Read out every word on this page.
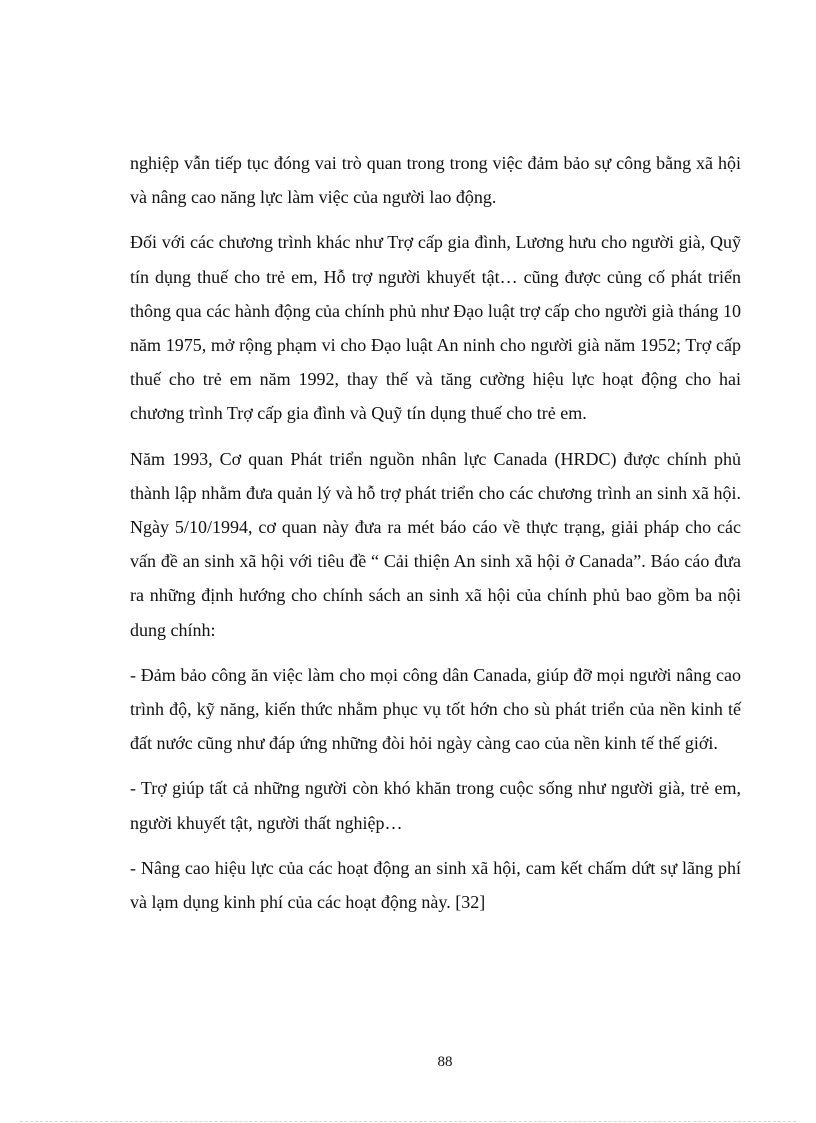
nghiệp vẫn tiếp tục đóng vai trò quan trong trong việc đảm bảo sự công bằng xã hội và nâng cao năng lực làm việc của người lao động.

Đối với các chương trình khác như Trợ cấp gia đình, Lương hưu cho người già, Quỹ tín dụng thuế cho trẻ em, Hỗ trợ người khuyết tật… cũng được củng cố phát triển thông qua các hành động của chính phủ như Đạo luật trợ cấp cho người già tháng 10 năm 1975, mở rộng phạm vi cho Đạo luật An ninh cho người già năm 1952; Trợ cấp thuế cho trẻ em năm 1992, thay thế và tăng cường hiệu lực hoạt động cho hai chương trình Trợ cấp gia đình và Quỹ tín dụng thuế cho trẻ em.

Năm 1993, Cơ quan Phát triển nguồn nhân lực Canada (HRDC) được chính phủ thành lập nhằm đưa quản lý và hỗ trợ phát triển cho các chương trình an sinh xã hội. Ngày 5/10/1994, cơ quan này đưa ra mét báo cáo về thực trạng, giải pháp cho các vấn đề an sinh xã hội với tiêu đề “ Cải thiện An sinh xã hội ở Canada”. Báo cáo đưa ra những định hướng cho chính sách an sinh xã hội của chính phủ bao gồm ba nội dung chính:

- Đảm bảo công ăn việc làm cho mọi công dân Canada, giúp đỡ mọi người nâng cao trình độ, kỹ năng, kiến thức nhằm phục vụ tốt hớn cho sù phát triển của nền kinh tế đất nước cũng như đáp ứng những đòi hỏi ngày càng cao của nền kinh tế thế giới.

- Trợ giúp tất cả những người còn khó khăn trong cuộc sống như người già, trẻ em, người khuyết tật, người thất nghiệp…

- Nâng cao hiệu lực của các hoạt động an sinh xã hội, cam kết chấm dứt sự lãng phí và lạm dụng kinh phí của các hoạt động này. [32]

88
